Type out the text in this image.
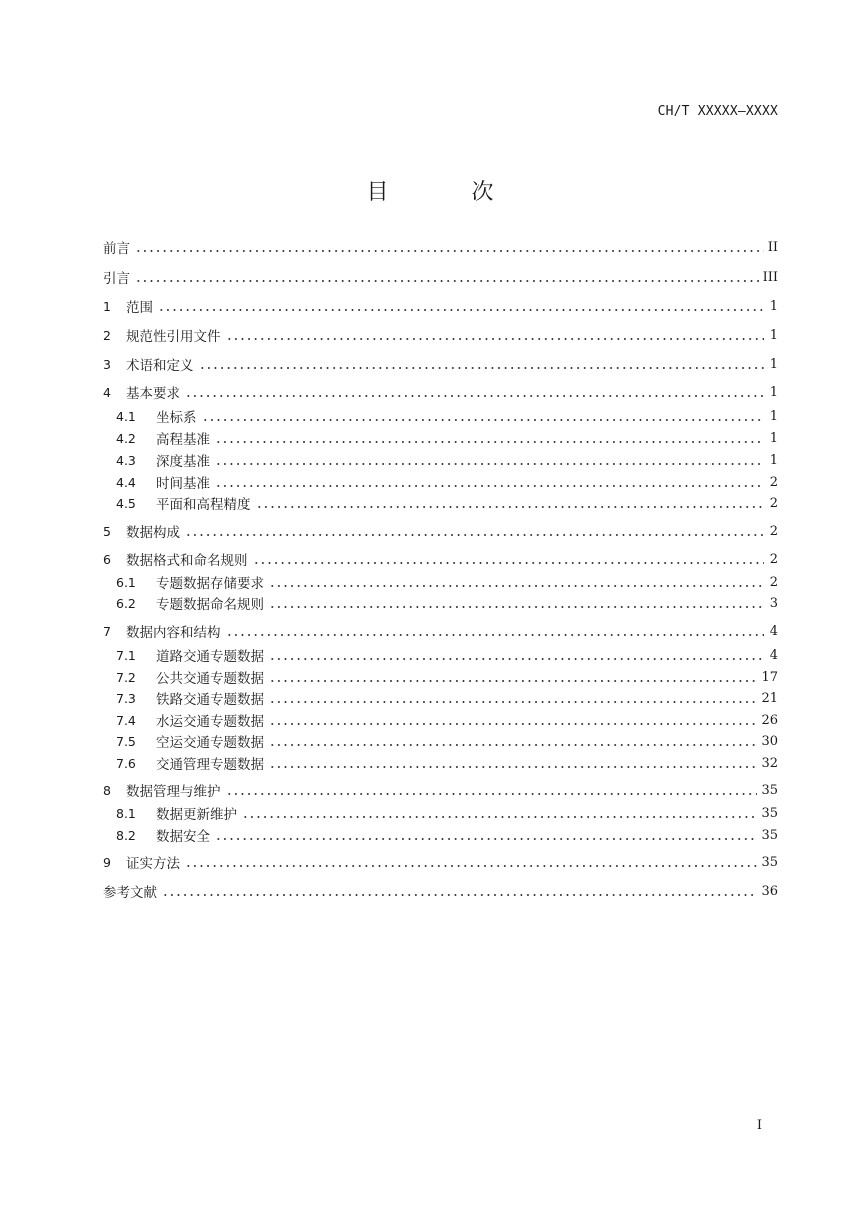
CH/T XXXXX—XXXX
目 次
前言	II
引言	III
1	范围	1
2	规范性引用文件	1
3	术语和定义	1
4	基本要求	1
4.1	坐标系	1
4.2	高程基准	1
4.3	深度基准	1
4.4	时间基准	2
4.5	平面和高程精度	2
5	数据构成	2
6	数据格式和命名规则	2
6.1	专题数据存储要求	2
6.2	专题数据命名规则	3
7	数据内容和结构	4
7.1	道路交通专题数据	4
7.2	公共交通专题数据	17
7.3	铁路交通专题数据	21
7.4	水运交通专题数据	26
7.5	空运交通专题数据	30
7.6	交通管理专题数据	32
8	数据管理与维护	35
8.1	数据更新维护	35
8.2	数据安全	35
9	证实方法	35
参考文献	36
I
